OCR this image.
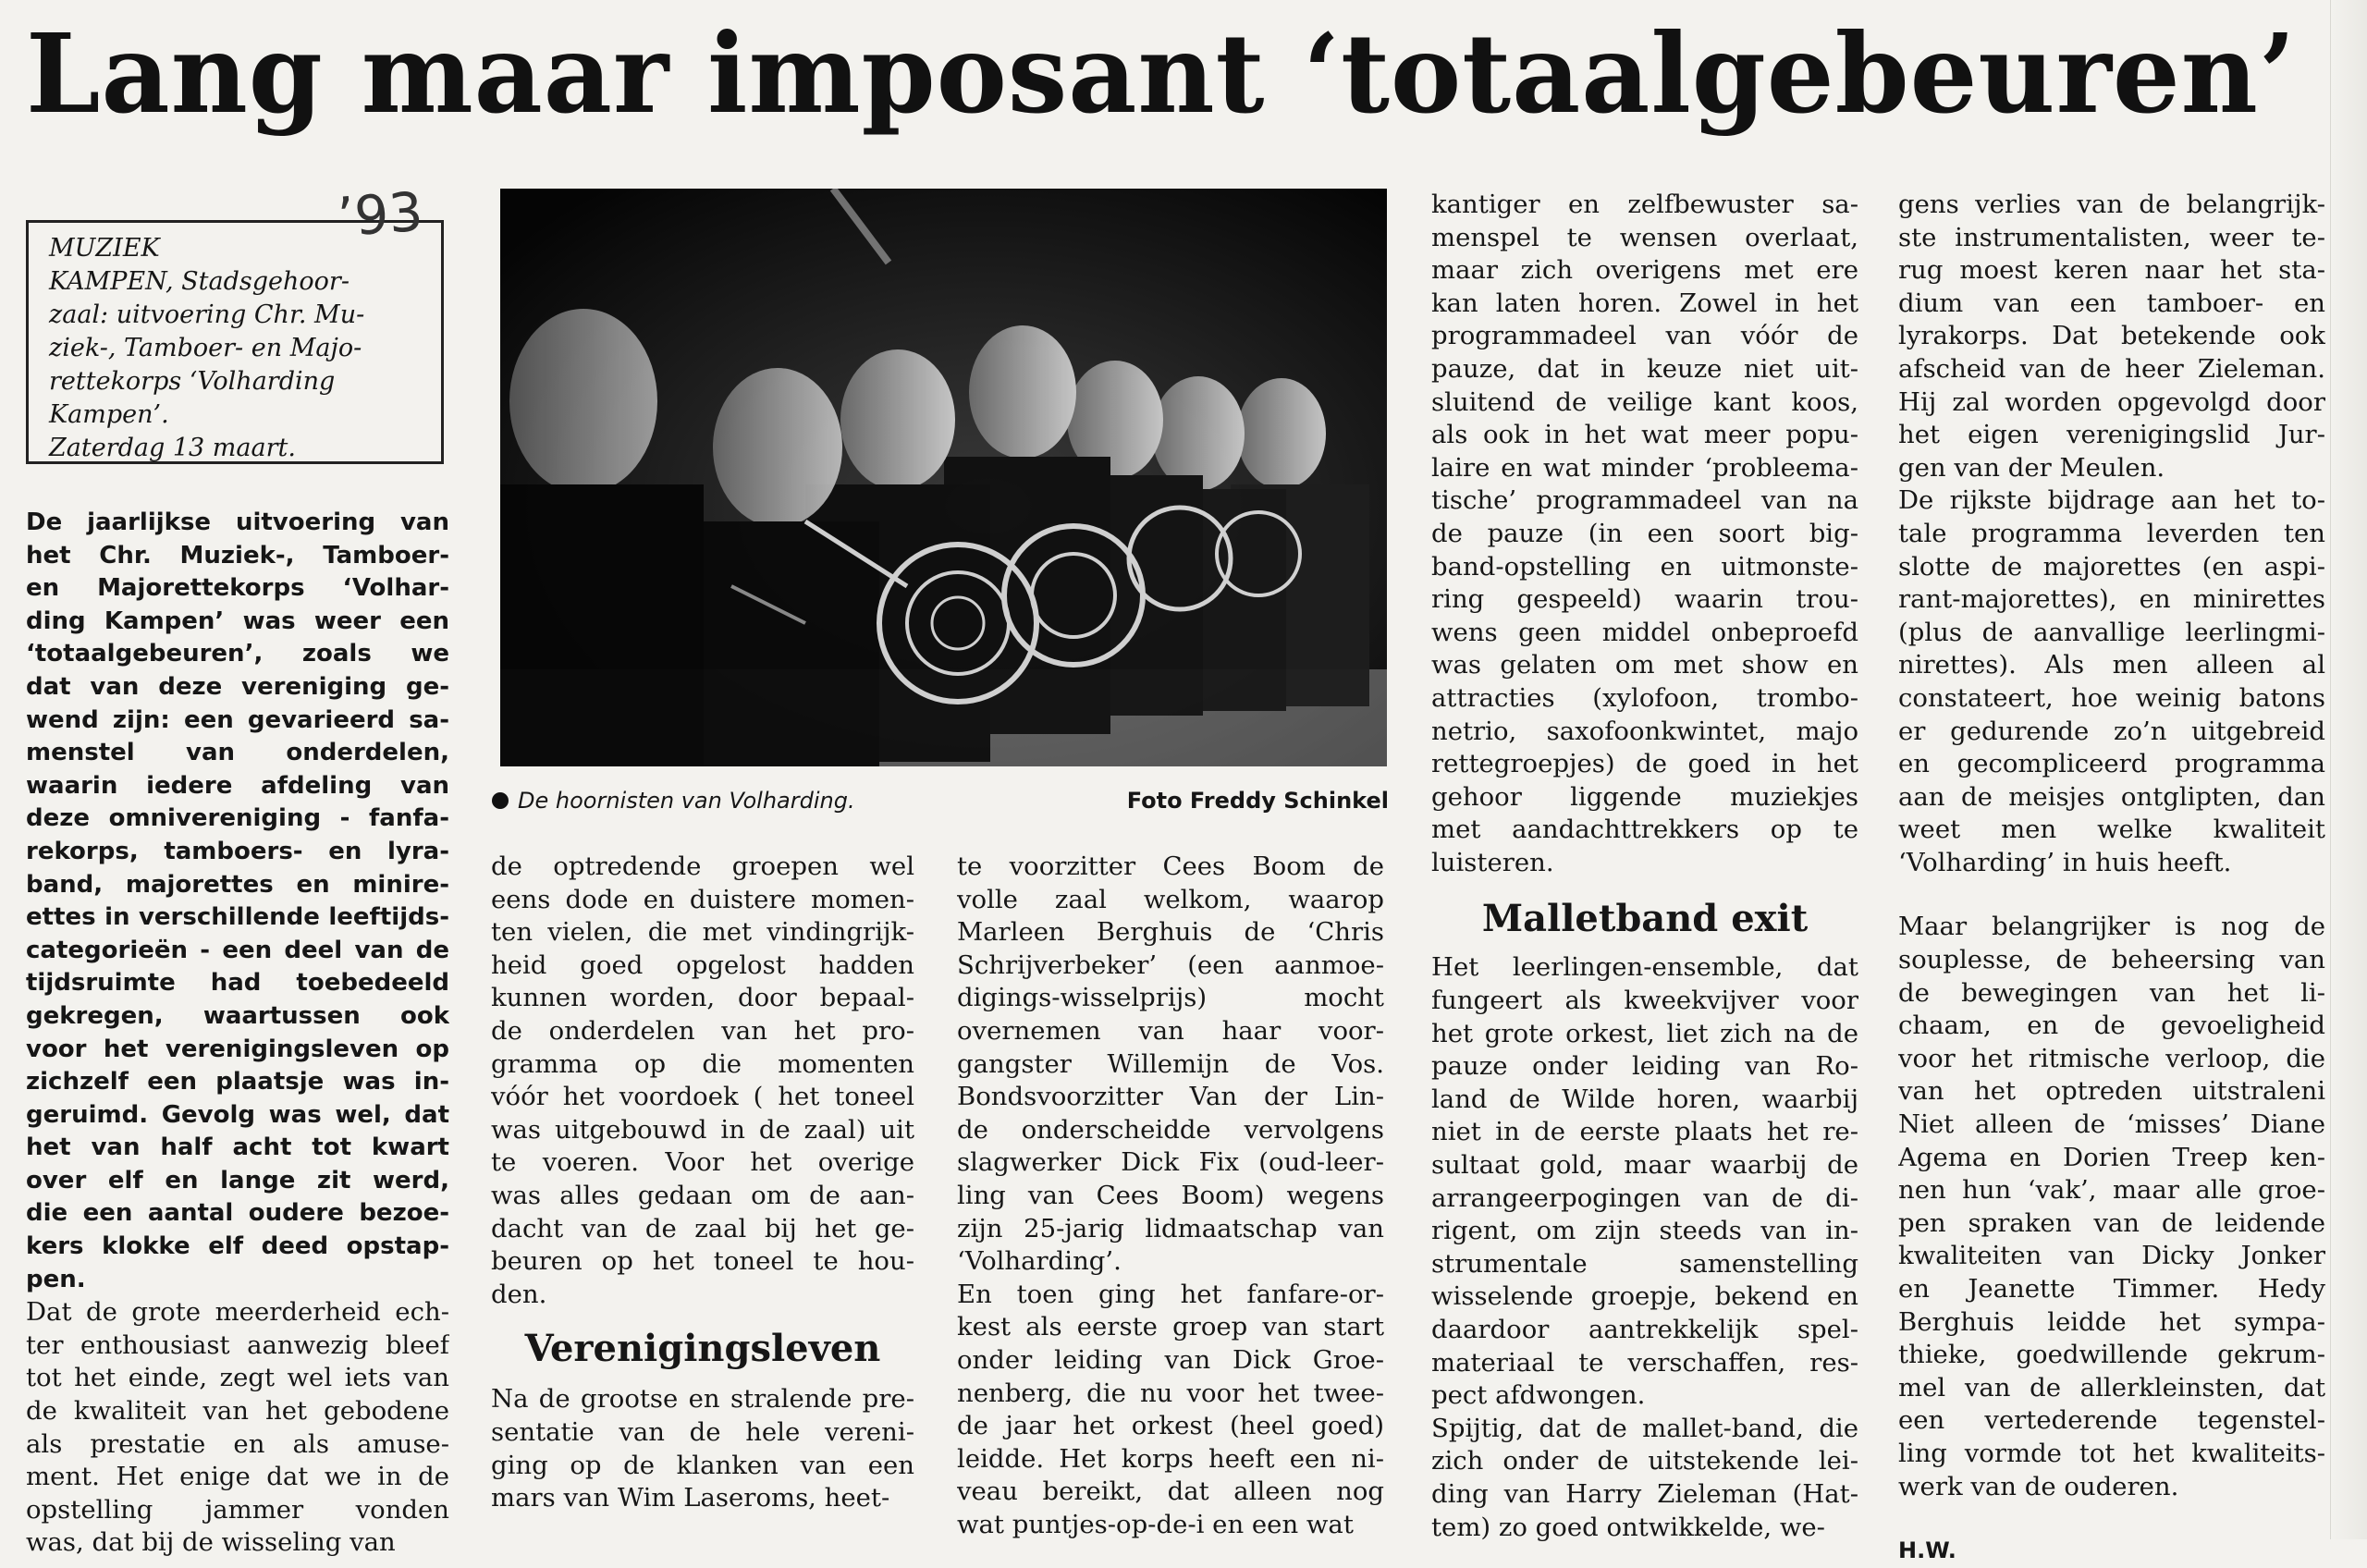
Lang maar imposant ‘totaalgebeuren’
MUZIEK
KAMPEN, Stadsgehoor-
zaal: uitvoering Chr. Mu-
ziek-, Tamboer- en Majo-
rettekorps ‘Volharding
Kampen’.
Zaterdag 13 maart.
’93
De hoornisten van Volharding.	Foto Freddy Schinkel
De jaarlijkse uitvoering van
het Chr. Muziek-, Tamboer-
en Majorettekorps ‘Volhar-
ding Kampen’ was weer een
‘totaalgebeuren’, zoals we
dat van deze vereniging ge-
wend zijn: een gevarieerd sa-
menstel van onderdelen,
waarin iedere afdeling van
deze omnivereniging - fanfa-
rekorps, tamboers- en lyra-
band, majorettes en minire-
ettes in verschillende leeftijds-
categorieën - een deel van de
tijdsruimte had toebedeeld
gekregen, waartussen ook
voor het verenigingsleven op
zichzelf een plaatsje was in-
geruimd. Gevolg was wel, dat
het van half acht tot kwart
over elf en lange zit werd,
die een aantal oudere bezoe-
kers klokke elf deed opstap-
pen.
Dat de grote meerderheid ech-
ter enthousiast aanwezig bleef
tot het einde, zegt wel iets van
de kwaliteit van het gebodene
als prestatie en als amuse-
ment. Het enige dat we in de
opstelling jammer vonden
was, dat bij de wisseling van
de optredende groepen wel
eens dode en duistere momen-
ten vielen, die met vindingrijk-
heid goed opgelost hadden
kunnen worden, door bepaal-
de onderdelen van het pro-
gramma op die momenten
vóór het voordoek ( het toneel
was uitgebouwd in de zaal) uit
te voeren. Voor het overige
was alles gedaan om de aan-
dacht van de zaal bij het ge-
beuren op het toneel te hou-
den.
Verenigingsleven
Na de grootse en stralende pre-
sentatie van de hele vereni-
ging op de klanken van een
mars van Wim Laseroms, heet-
te voorzitter Cees Boom de
volle zaal welkom, waarop
Marleen Berghuis de ‘Chris
Schrijverbeker’ (een aanmoe-
digings-wisselprijs) mocht
overnemen van haar voor-
gangster Willemijn de Vos.
Bondsvoorzitter Van der Lin-
de onderscheidde vervolgens
slagwerker Dick Fix (oud-leer-
ling van Cees Boom) wegens
zijn 25-jarig lidmaatschap van
‘Volharding’.
En toen ging het fanfare-or-
kest als eerste groep van start
onder leiding van Dick Groe-
nenberg, die nu voor het twee-
de jaar het orkest (heel goed)
leidde. Het korps heeft een ni-
veau bereikt, dat alleen nog
wat puntjes-op-de-i en een wat
kantiger en zelfbewuster sa-
menspel te wensen overlaat,
maar zich overigens met ere
kan laten horen. Zowel in het
programmadeel van vóór de
pauze, dat in keuze niet uit-
sluitend de veilige kant koos,
als ook in het wat meer popu-
laire en wat minder ‘probleema-
tische’ programmadeel van na
de pauze (in een soort big-
band-opstelling en uitmonste-
ring gespeeld) waarin trou-
wens geen middel onbeproefd
was gelaten om met show en
attracties (xylofoon, trombo-
netrio, saxofoonkwintet, majo
rettegroepjes) de goed in het
gehoor liggende muziekjes
met aandachttrekkers op te
luisteren.
Malletband exit
Het leerlingen-ensemble, dat
fungeert als kweekvijver voor
het grote orkest, liet zich na de
pauze onder leiding van Ro-
land de Wilde horen, waarbij
niet in de eerste plaats het re-
sultaat gold, maar waarbij de
arrangeerpogingen van de di-
rigent, om zijn steeds van in-
strumentale samenstelling
wisselende groepje, bekend en
daardoor aantrekkelijk spel-
materiaal te verschaffen, res-
pect afdwongen.
Spijtig, dat de mallet-band, die
zich onder de uitstekende lei-
ding van Harry Zieleman (Hat-
tem) zo goed ontwikkelde, we-
gens verlies van de belangrijk-
ste instrumentalisten, weer te-
rug moest keren naar het sta-
dium van een tamboer- en
lyrakorps. Dat betekende ook
afscheid van de heer Zieleman.
Hij zal worden opgevolgd door
het eigen verenigingslid Jur-
gen van der Meulen.
De rijkste bijdrage aan het to-
tale programma leverden ten
slotte de majorettes (en aspi-
rant-majorettes), en minirettes
(plus de aanvallige leerlingmi-
nirettes). Als men alleen al
constateert, hoe weinig batons
er gedurende zo’n uitgebreid
en gecompliceerd programma
aan de meisjes ontglipten, dan
weet men welke kwaliteit
‘Volharding’ in huis heeft.
Maar belangrijker is nog de
souplesse, de beheersing van
de bewegingen van het li-
chaam, en de gevoeligheid
voor het ritmische verloop, die
van het optreden uitstraleni
Niet alleen de ‘misses’ Diane
Agema en Dorien Treep ken-
nen hun ‘vak’, maar alle groe-
pen spraken van de leidende
kwaliteiten van Dicky Jonker
en Jeanette Timmer. Hedy
Berghuis leidde het sympa-
thieke, goedwillende gekrum-
mel van de allerkleinsten, dat
een vertederende tegenstel-
ling vormde tot het kwaliteits-
werk van de ouderen.
H.W.
